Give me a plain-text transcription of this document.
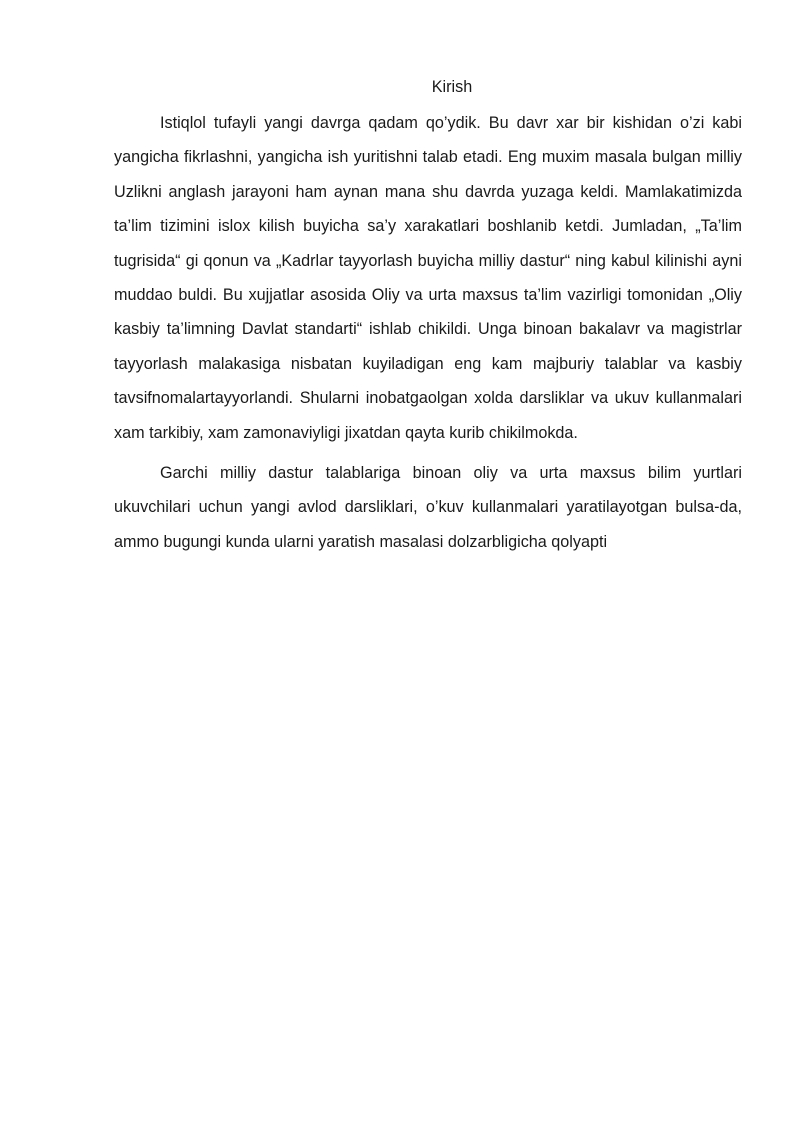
Kirish

Istiqlol tufayli yangi davrga qadam qo’ydik. Bu davr xar bir kishidan o’zi kabi yangicha fikrlashni, yangicha ish yuritishni talab etadi. Eng muxim masala bulgan milliy Uzlikni anglash jarayoni ham aynan mana shu davrda yuzaga keldi. Mamlakatimizda ta’lim tizimini islox kilish buyicha sa’y xarakatlari boshlanib ketdi. Jumladan, „Ta’lim tugrisida“ gi qonun va „Kadrlar tayyorlash buyicha milliy dastur“ ning kabul kilinishi ayni muddao buldi. Bu xujjatlar asosida Oliy va urta maxsus ta’lim vazirligi tomonidan „Oliy kasbiy ta’limning Davlat standarti“ ishlab chikildi. Unga binoan bakalavr va magistrlar tayyorlash malakasiga nisbatan kuyiladigan eng kam majburiy talablar va kasbiy tavsifnomalartayyorlandi. Shularni inobatgaolgan xolda darsliklar va ukuv kullanmalari xam tarkibiy, xam zamonaviyligi jixatdan qayta kurib chikilmokda.

Garchi milliy dastur talablariga binoan oliy va urta maxsus bilim yurtlari ukuvchilari uchun yangi avlod darsliklari, o’kuv kullanmalari yaratilayotgan bulsa-da, ammo bugungi kunda ularni yaratish masalasi dolzarbligicha qolyapti
